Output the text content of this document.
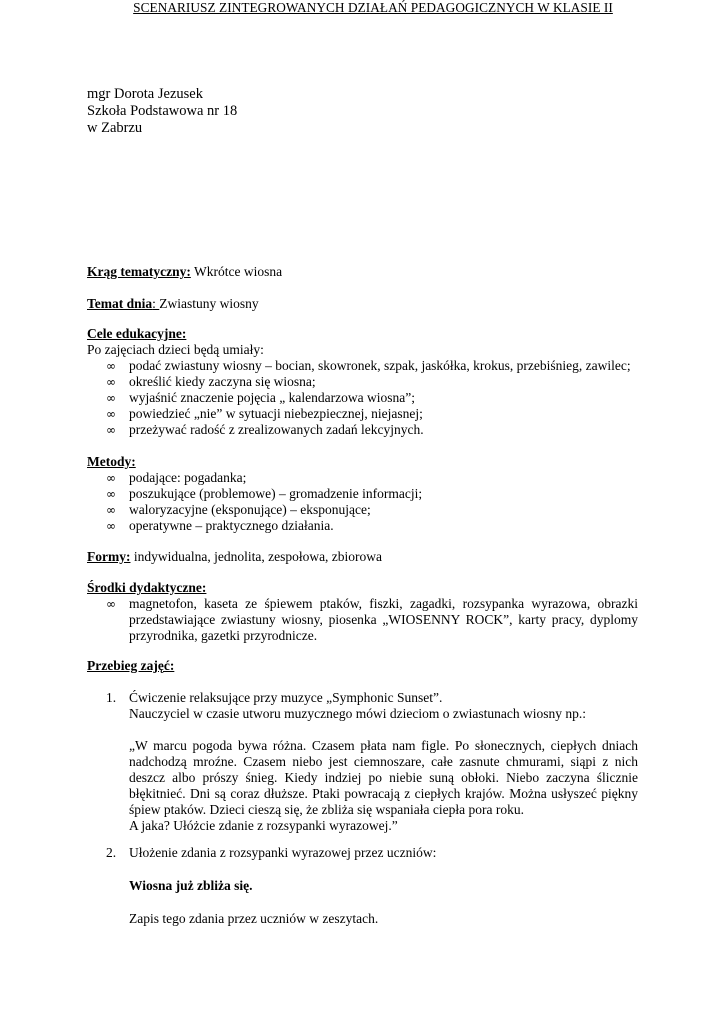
mgr Dorota Jezusek
Szkoła Podstawowa nr 18
w Zabrzu
SCENARIUSZ ZINTEGROWANYCH DZIAŁAŃ PEDAGOGICZNYCH W KLASIE II
Krąg tematyczny: Wkrótce wiosna
Temat dnia: Zwiastuny wiosny
Cele edukacyjne:
Po zajęciach dzieci będą umiały:
∞ podać zwiastuny wiosny – bocian, skowronek, szpak, jaskółka, krokus, przebiśnieg, zawilec;
∞ określić kiedy zaczyna się wiosna;
∞ wyjaśnić znaczenie pojęcia „ kalendarzowa wiosna”;
∞ powiedzieć „nie” w sytuacji niebezpiecznej, niejasnej;
∞ przeżywać radość z zrealizowanych zadań lekcyjnych.
Metody:
∞ podające: pogadanka;
∞ poszukujące (problemowe) – gromadzenie informacji;
∞ waloryzacyjne (eksponujące) – eksponujące;
∞ operatywne – praktycznego działania.
Formy: indywidualna, jednolita, zespołowa, zbiorowa
Środki dydaktyczne:
∞ magnetofon, kaseta ze śpiewem ptaków, fiszki, zagadki, rozsypanka wyrazowa, obrazki
przedstawiające zwiastuny wiosny, piosenka „WIOSENNY ROCK”, karty pracy, dyplomy
przyrodnika, gazetki przyrodnicze.
Przebieg zajęć:
1. Ćwiczenie relaksujące przy muzyce „Symphonic Sunset”.
Nauczyciel w czasie utworu muzycznego mówi dzieciom o zwiastunach wiosny np.:
„W marcu pogoda bywa różna. Czasem płata nam figle. Po słonecznych, ciepłych dniach
nadchodzą mroźne. Czasem niebo jest ciemnoszare, całe zasnute chmurami, siąpi z nich
deszcz albo prószy śnieg. Kiedy indziej po niebie suną obłoki. Niebo zaczyna ślicznie
błękitnieć. Dni są coraz dłuższe. Ptaki powracają z ciepłych krajów. Można usłyszeć piękny
śpiew ptaków. Dzieci cieszą się, że zbliża się wspaniała ciepła pora roku.
A jaka? Ułóżcie zdanie z rozsypanki wyrazowej.”
2. Ułożenie zdania z rozsypanki wyrazowej przez uczniów:
Wiosna już zbliża się.
Zapis tego zdania przez uczniów w zeszytach.
